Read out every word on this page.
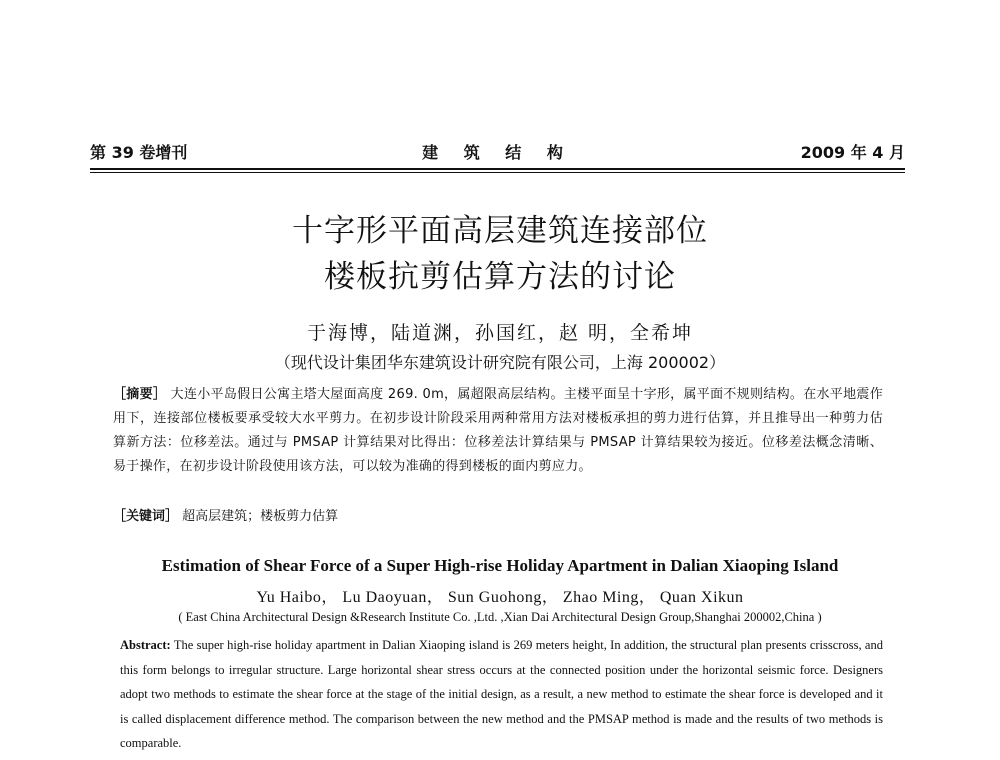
第 39 卷增刊	建 筑 结 构	2009 年 4 月
十字形平面高层建筑连接部位
楼板抗剪估算方法的讨论
于海博，陆道渊，孙国红，赵 明，全希坤
（现代设计集团华东建筑设计研究院有限公司，上海 200002）
［摘要］ 大连小平岛假日公寓主塔大屋面高度 269. 0m，属超限高层结构。主楼平面呈十字形，属平面不规则结构。在水平地震作用下，连接部位楼板要承受较大水平剪力。在初步设计阶段采用两种常用方法对楼板承担的剪力进行估算，并且推导出一种剪力估算新方法：位移差法。通过与 PMSAP 计算结果对比得出：位移差法计算结果与 PMSAP 计算结果较为接近。位移差法概念清晰、易于操作，在初步设计阶段使用该方法，可以较为准确的得到楼板的面内剪应力。
［关键词］ 超高层建筑；楼板剪力估算
Estimation of Shear Force of a Super High-rise Holiday Apartment in Dalian Xiaoping Island
Yu Haibo， Lu Daoyuan， Sun Guohong， Zhao Ming， Quan Xikun
( East China Architectural Design &Research Institute Co. ,Ltd. ,Xian Dai Architectural Design Group,Shanghai 200002,China )
Abstract: The super high-rise holiday apartment in Dalian Xiaoping island is 269 meters height, In addition, the structural plan presents crisscross, and this form belongs to irregular structure. Large horizontal shear stress occurs at the connected position under the horizontal seismic force. Designers adopt two methods to estimate the shear force at the stage of the initial design, as a result, a new method to estimate the shear force is developed and it is called displacement difference method. The comparison between the new method and the PMSAP method is made and the results of two methods is comparable.
